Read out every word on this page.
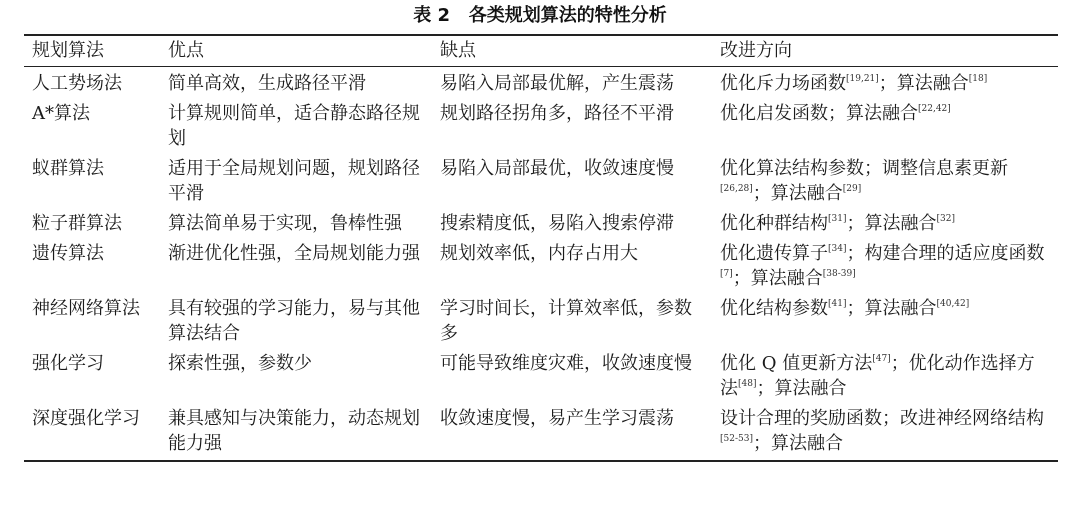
表 2   各类规划算法的特性分析
规划算法	优点	缺点	改进方向
人工势场法	简单高效，生成路径平滑	易陷入局部最优解，产生震荡	优化斥力场函数[19,21]；算法融合[18]
A*算法	计算规则简单，适合静态路径规划	规划路径拐角多，路径不平滑	优化启发函数；算法融合[22,42]
蚁群算法	适用于全局规划问题，规划路径平滑	易陷入局部最优，收敛速度慢	优化算法结构参数；调整信息素更新[26,28]；算法融合[29]
粒子群算法	算法简单易于实现，鲁棒性强	搜索精度低，易陷入搜索停滞	优化种群结构[31]；算法融合[32]
遗传算法	渐进优化性强，全局规划能力强	规划效率低，内存占用大	优化遗传算子[34]；构建合理的适应度函数[7]；算法融合[38-39]
神经网络算法	具有较强的学习能力，易与其他算法结合	学习时间长，计算效率低，参数多	优化结构参数[41]；算法融合[40,42]
强化学习	探索性强，参数少	可能导致维度灾难，收敛速度慢	优化 Q 值更新方法[47]；优化动作选择方法[48]；算法融合
深度强化学习	兼具感知与决策能力，动态规划能力强	收敛速度慢，易产生学习震荡	设计合理的奖励函数；改进神经网络结构[52-53]；算法融合
